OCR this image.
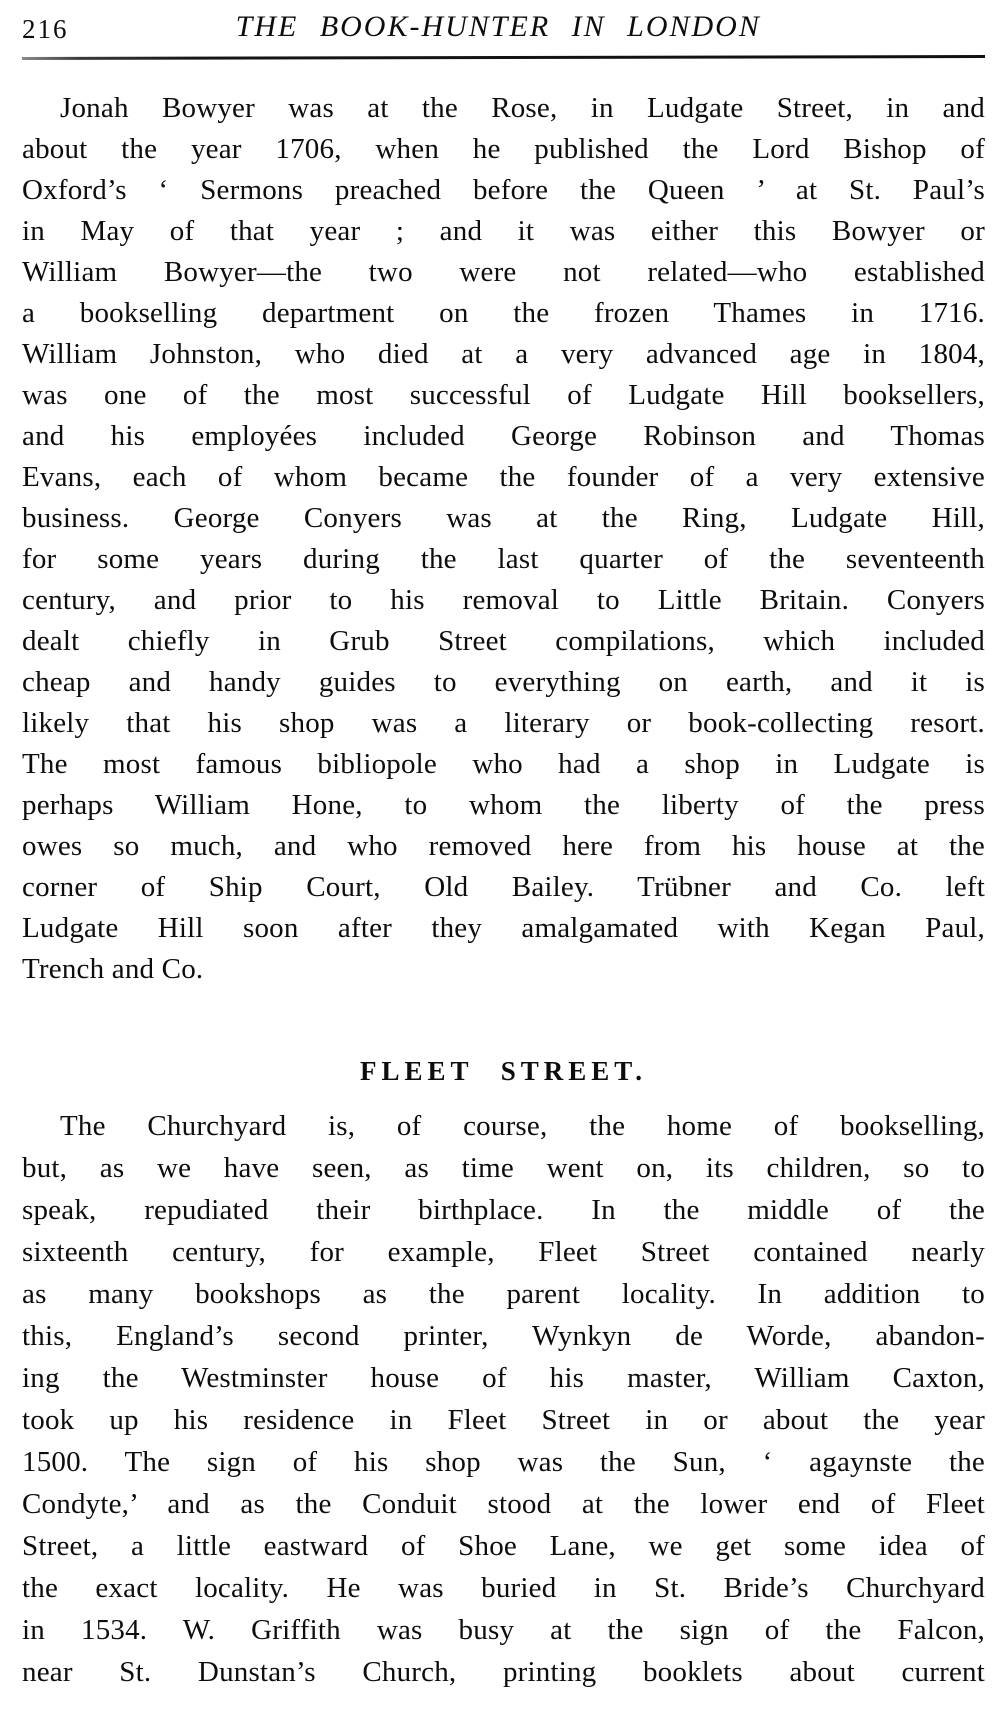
216	THE BOOK-HUNTER IN LONDON
Jonah Bowyer was at the Rose, in Ludgate Street, in and
about the year 1706, when he published the Lord Bishop of
Oxford’s ‘ Sermons preached before the Queen ’ at St. Paul’s
in May of that year ; and it was either this Bowyer or
William Bowyer—the two were not related—who established
a bookselling department on the frozen Thames in 1716.
William Johnston, who died at a very advanced age in 1804,
was one of the most successful of Ludgate Hill booksellers,
and his employées included George Robinson and Thomas
Evans, each of whom became the founder of a very extensive
business. George Conyers was at the Ring, Ludgate Hill,
for some years during the last quarter of the seventeenth
century, and prior to his removal to Little Britain. Conyers
dealt chiefly in Grub Street compilations, which included
cheap and handy guides to everything on earth, and it is
likely that his shop was a literary or book-collecting resort.
The most famous bibliopole who had a shop in Ludgate is
perhaps William Hone, to whom the liberty of the press
owes so much, and who removed here from his house at the
corner of Ship Court, Old Bailey. Trübner and Co. left
Ludgate Hill soon after they amalgamated with Kegan Paul,
Trench and Co.
FLEET STREET.
The Churchyard is, of course, the home of bookselling,
but, as we have seen, as time went on, its children, so to
speak, repudiated their birthplace. In the middle of the
sixteenth century, for example, Fleet Street contained nearly
as many bookshops as the parent locality. In addition to
this, England’s second printer, Wynkyn de Worde, abandon-
ing the Westminster house of his master, William Caxton,
took up his residence in Fleet Street in or about the year
1500. The sign of his shop was the Sun, ‘ agaynste the
Condyte,’ and as the Conduit stood at the lower end of Fleet
Street, a little eastward of Shoe Lane, we get some idea of
the exact locality. He was buried in St. Bride’s Churchyard
in 1534. W. Griffith was busy at the sign of the Falcon,
near St. Dunstan’s Church, printing booklets about current
